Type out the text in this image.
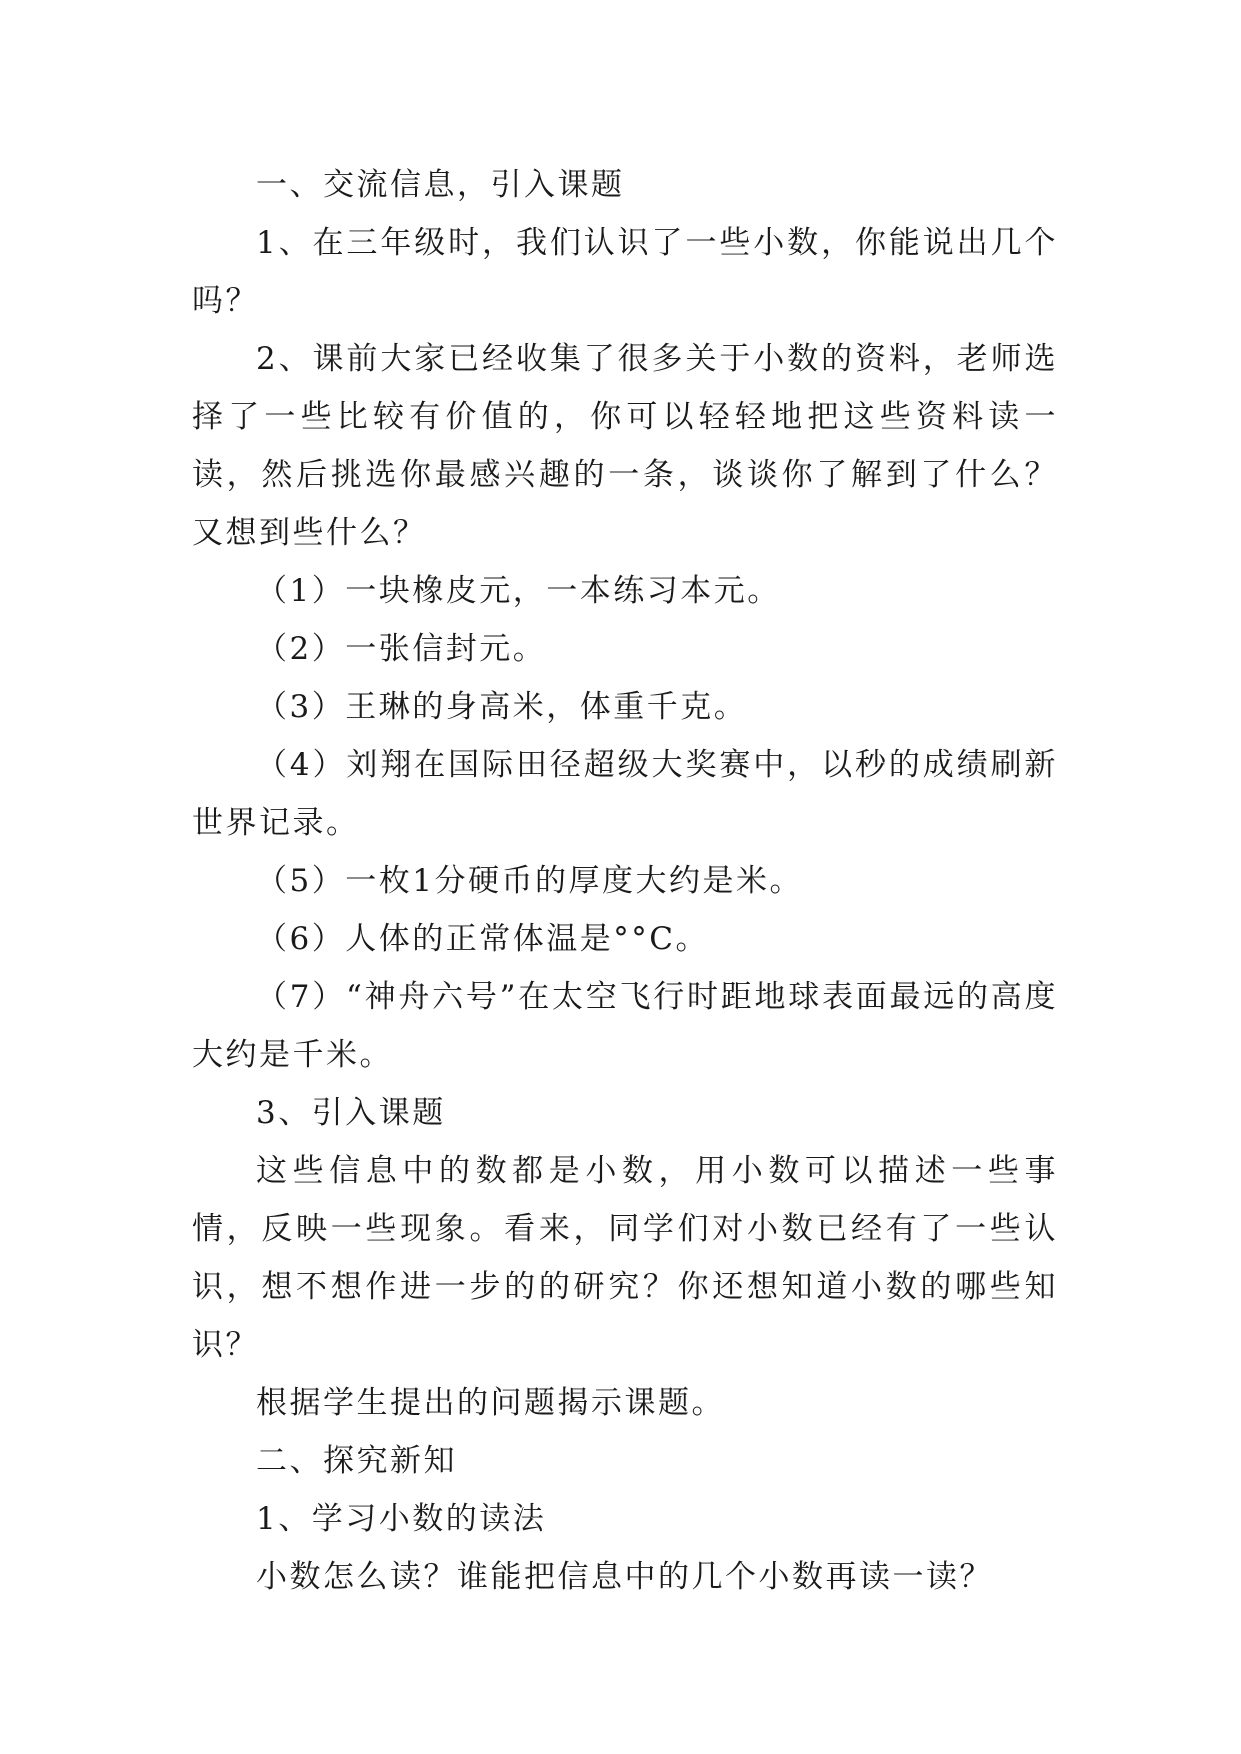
一、交流信息，引入课题

1、在三年级时，我们认识了一些小数，你能说出几个吗？

2、课前大家已经收集了很多关于小数的资料，老师选择了一些比较有价值的，你可以轻轻地把这些资料读一读，然后挑选你最感兴趣的一条，谈谈你了解到了什么？又想到些什么？

（1）一块橡皮元，一本练习本元。

（2）一张信封元。

（3）王琳的身高米，体重千克。

（4）刘翔在国际田径超级大奖赛中，以秒的成绩刷新世界记录。

（5）一枚1分硬币的厚度大约是米。

（6）人体的正常体温是°°C。

（7）“神舟六号”在太空飞行时距地球表面最远的高度大约是千米。

3、引入课题

这些信息中的数都是小数，用小数可以描述一些事情，反映一些现象。看来，同学们对小数已经有了一些认识，想不想作进一步的的研究？你还想知道小数的哪些知识？

根据学生提出的问题揭示课题。

二、探究新知

1、学习小数的读法

小数怎么读？谁能把信息中的几个小数再读一读？
